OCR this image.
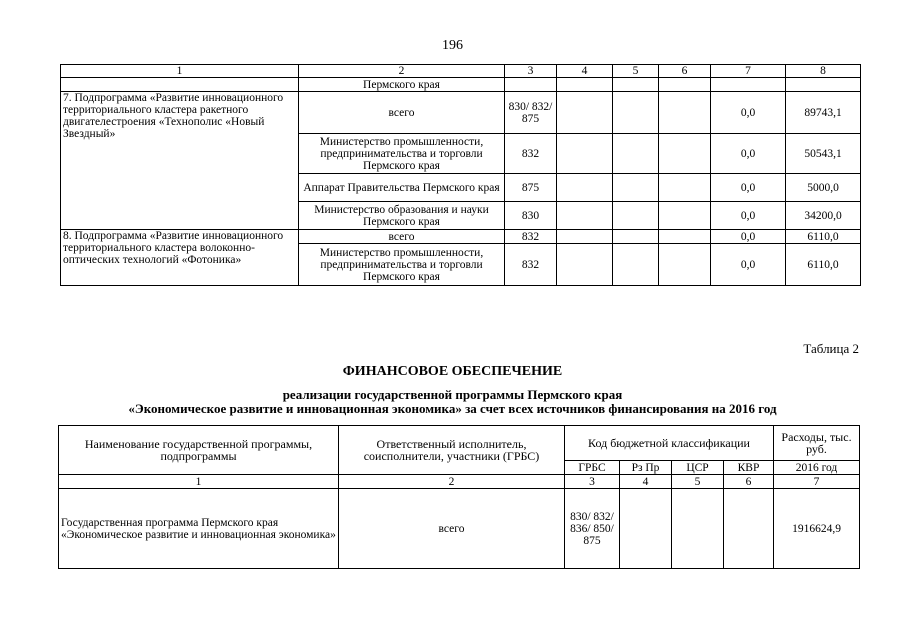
196
1	2	3	4	5	6	7	8
	Пермского края						
7. Подпрограмма «Развитие инновационного территориального кластера ракетного двигателестроения «Технополис «Новый Звездный»	всего	830/ 832/ 875				0,0	89743,1
	Министерство промышленности, предпринимательства и торговли Пермского края	832				0,0	50543,1
	Аппарат Правительства Пермского края	875				0,0	5000,0
	Министерство образования и науки Пермского края	830				0,0	34200,0
8. Подпрограмма «Развитие инновационного территориального кластера волоконно-оптических технологий «Фотоника»	всего	832				0,0	6110,0
	Министерство промышленности, предпринимательства и торговли Пермского края	832				0,0	6110,0
Таблица 2
ФИНАНСОВОЕ ОБЕСПЕЧЕНИЕ
реализации государственной программы Пермского края
«Экономическое развитие и инновационная экономика» за счет всех источников финансирования на 2016 год
Наименование государственной программы, подпрограммы	Ответственный исполнитель, соисполнители, участники (ГРБС)	Код бюджетной классификации				Расходы, тыс. руб.
		ГРБС	Рз Пр	ЦСР	КВР	2016 год
1	2	3	4	5	6	7
Государственная программа Пермского края «Экономическое развитие и инновационная экономика»	всего	830/ 832/ 836/ 850/ 875				1916624,9
